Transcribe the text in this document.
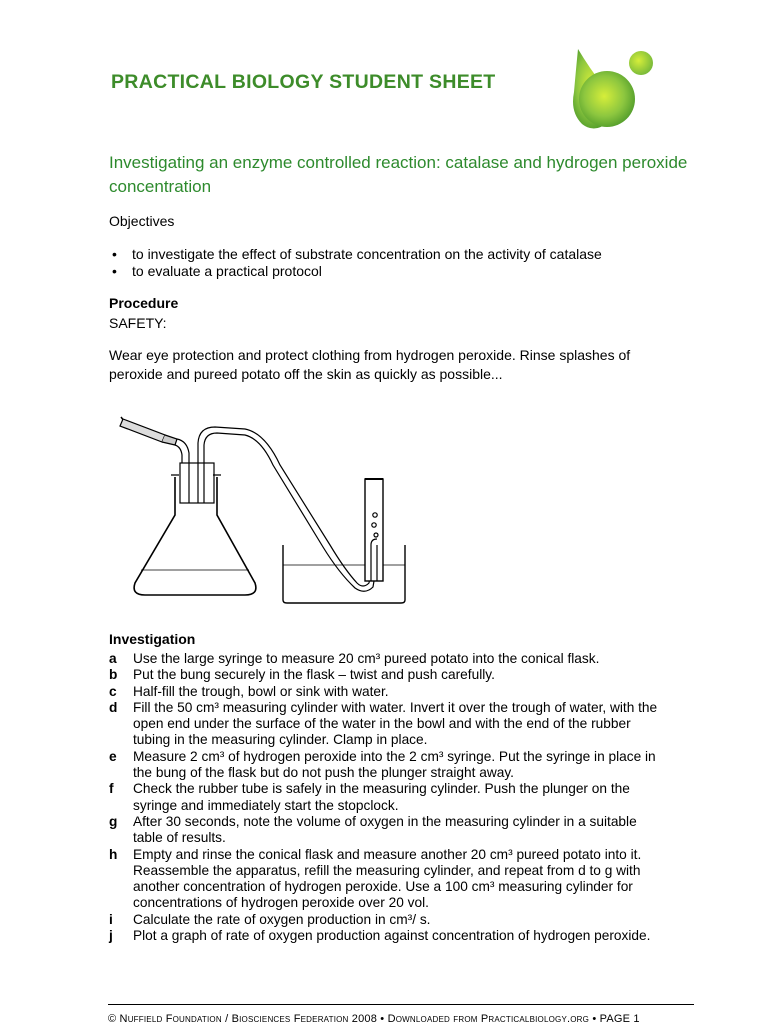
PRACTICAL BIOLOGY STUDENT SHEET
Investigating an enzyme controlled reaction: catalase and hydrogen peroxide concentration
Objectives
• to investigate the effect of substrate concentration on the activity of catalase
• to evaluate a practical protocol
Procedure
SAFETY:
Wear eye protection and protect clothing from hydrogen peroxide. Rinse splashes of peroxide and pureed potato off the skin as quickly as possible...
Investigation
a Use the large syringe to measure 20 cm³ pureed potato into the conical flask.
b Put the bung securely in the flask – twist and push carefully.
c Half-fill the trough, bowl or sink with water.
d Fill the 50 cm³ measuring cylinder with water. Invert it over the trough of water, with the open end under the surface of the water in the bowl and with the end of the rubber tubing in the measuring cylinder. Clamp in place.
e Measure 2 cm³ of hydrogen peroxide into the 2 cm³ syringe. Put the syringe in place in the bung of the flask but do not push the plunger straight away.
f Check the rubber tube is safely in the measuring cylinder. Push the plunger on the syringe and immediately start the stopclock.
g After 30 seconds, note the volume of oxygen in the measuring cylinder in a suitable table of results.
h Empty and rinse the conical flask and measure another 20 cm³ pureed potato into it. Reassemble the apparatus, refill the measuring cylinder, and repeat from d to g with another concentration of hydrogen peroxide. Use a 100 cm³ measuring cylinder for concentrations of hydrogen peroxide over 20 vol.
i Calculate the rate of oxygen production in cm³/ s.
j Plot a graph of rate of oxygen production against concentration of hydrogen peroxide.
© Nuffield Foundation / Biosciences Federation 2008 • Downloaded from Practicalbiology.org • PAGE 1
